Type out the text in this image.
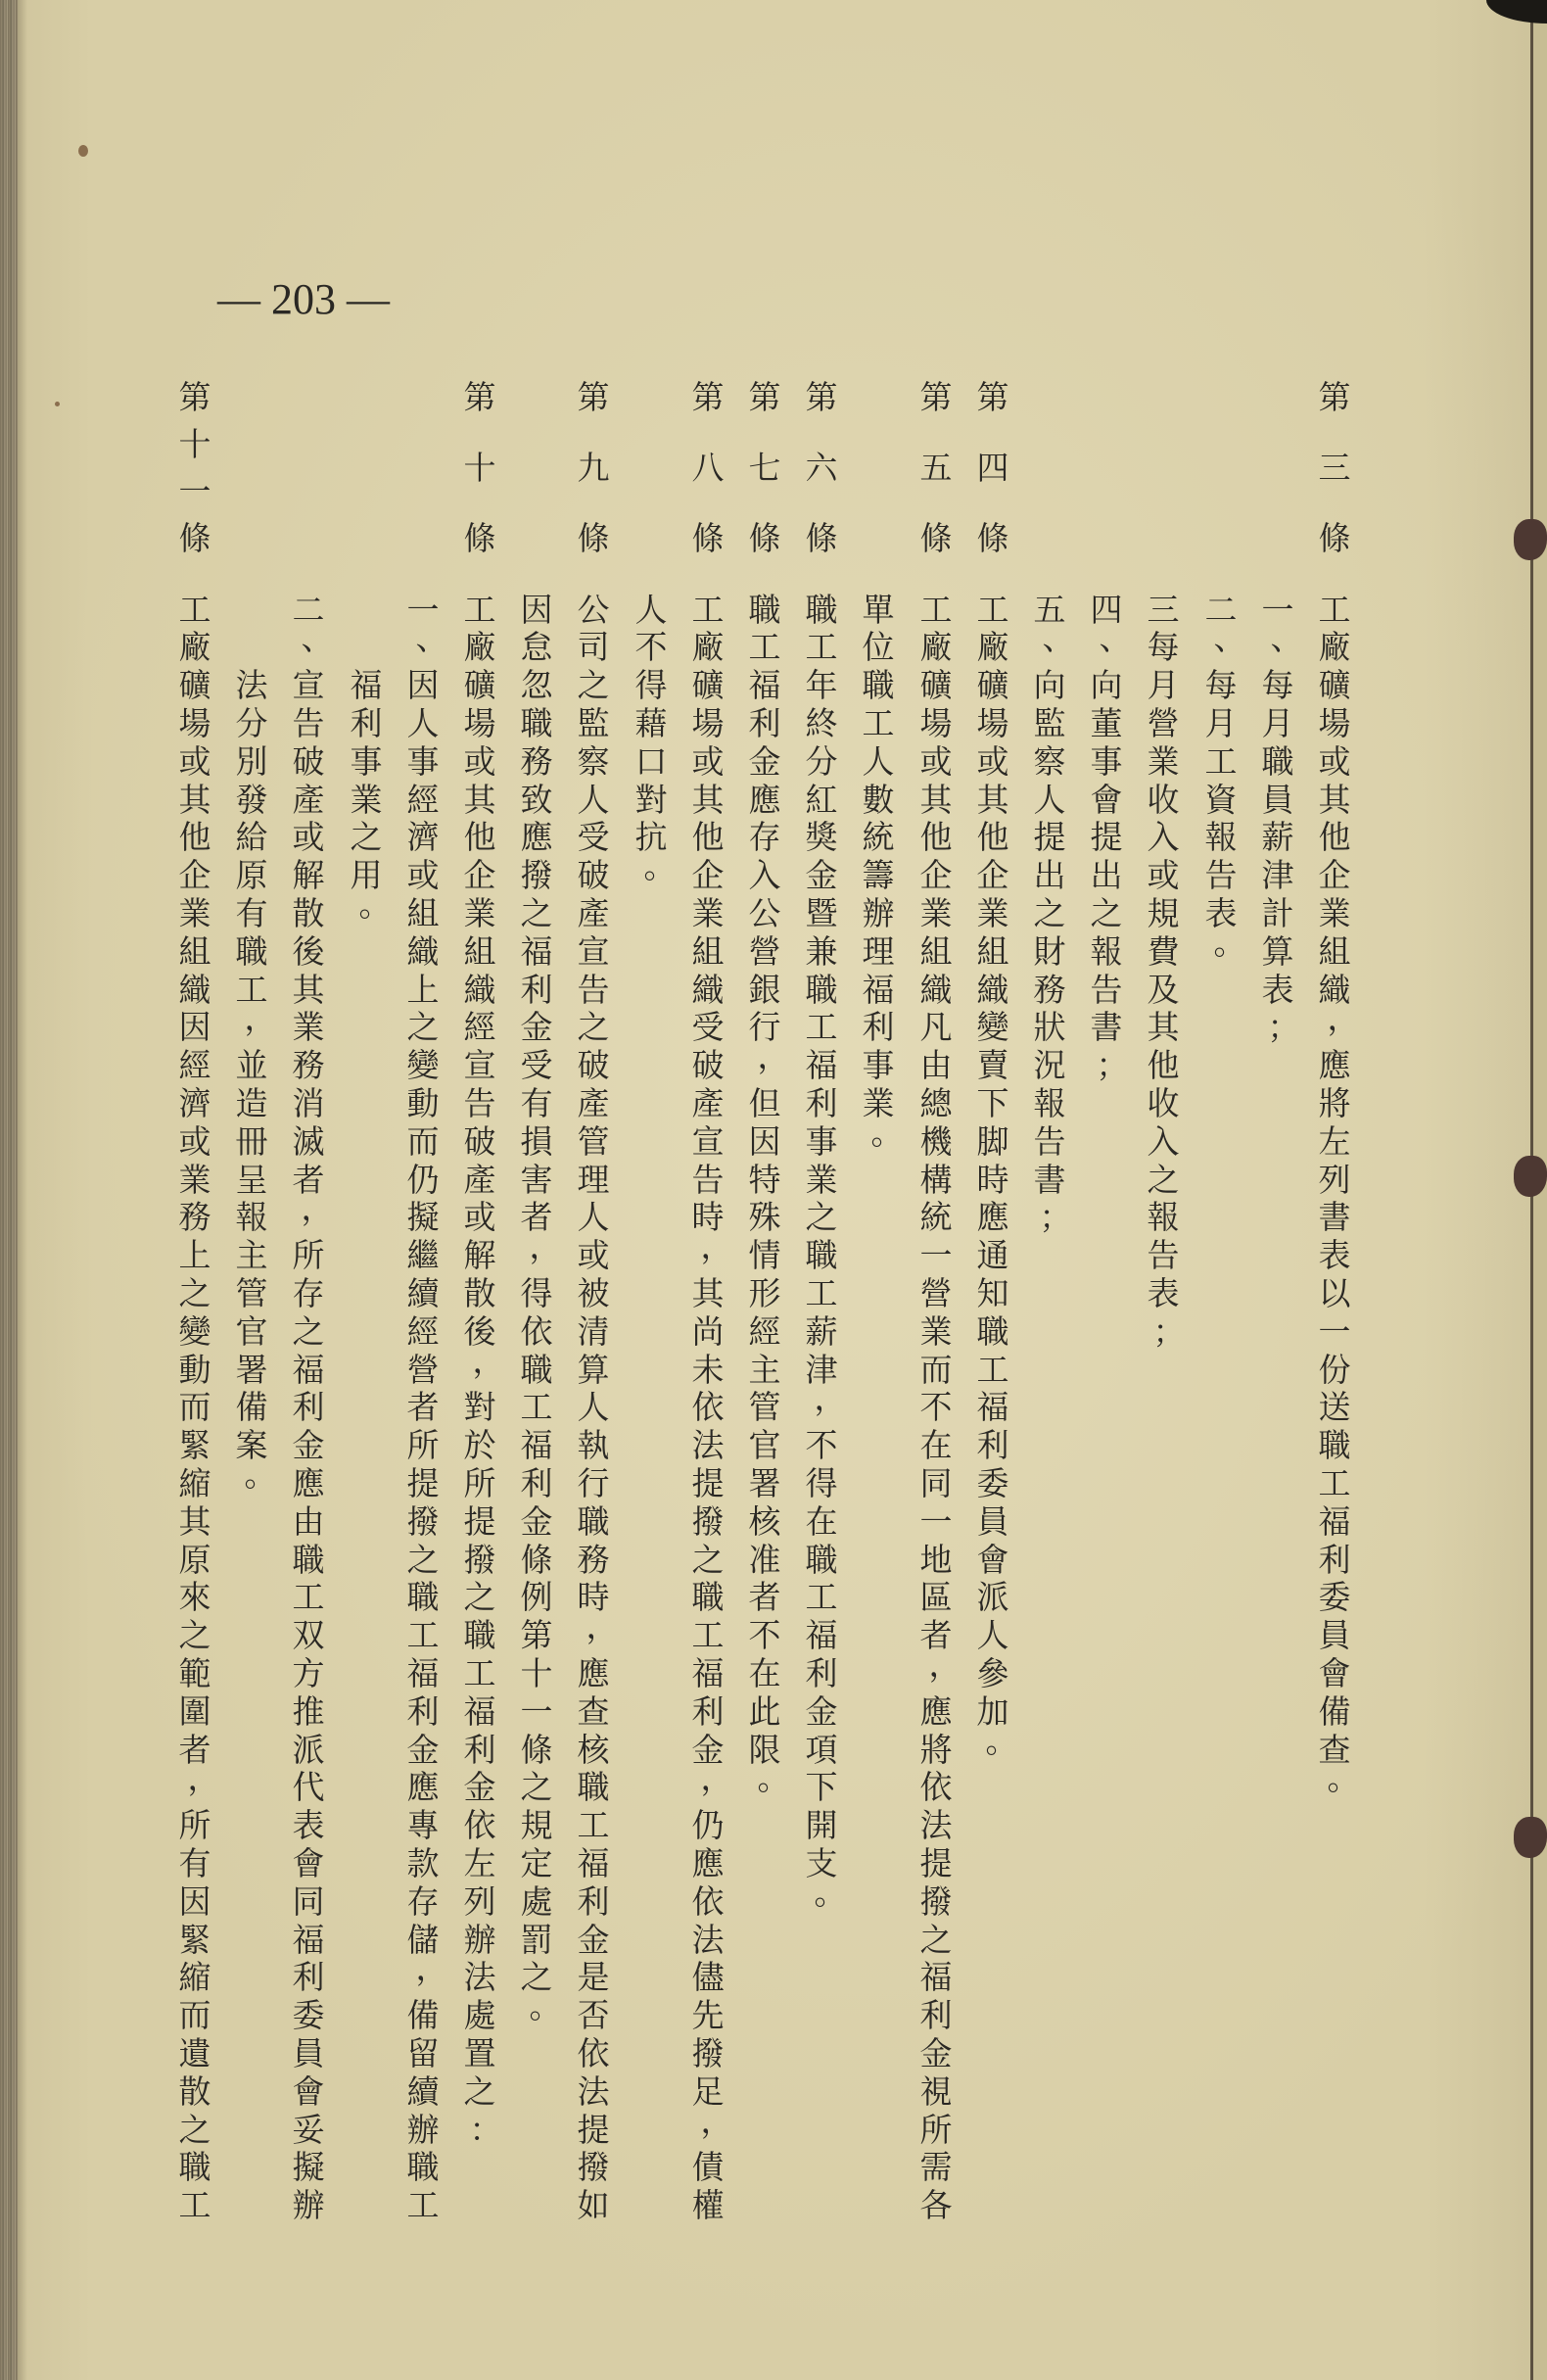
— 203 —
第
三
條
工
廠
礦
場
或
其
他
企
業
組
織
，
應
將
左
列
書
表
以
一
份
送
職
工
福
利
委
員
會
備
查
。
一
、
每
月
職
員
薪
津
計
算
表
；
二
、
每
月
工
資
報
告
表
。
三
每
月
營
業
收
入
或
規
費
及
其
他
收
入
之
報
告
表
；
四
、
向
董
事
會
提
出
之
報
告
書
；
五
、
向
監
察
人
提
出
之
財
務
狀
況
報
告
書
；
第
四
條
工
廠
礦
場
或
其
他
企
業
組
織
變
賣
下
脚
時
應
通
知
職
工
福
利
委
員
會
派
人
參
加
。
第
五
條
工
廠
礦
場
或
其
他
企
業
組
織
凡
由
總
機
構
統
一
營
業
而
不
在
同
一
地
區
者
，
應
將
依
法
提
撥
之
福
利
金
視
所
需
各
單
位
職
工
人
數
統
籌
辦
理
福
利
事
業
。
第
六
條
職
工
年
終
分
紅
獎
金
暨
兼
職
工
福
利
事
業
之
職
工
薪
津
，
不
得
在
職
工
福
利
金
項
下
開
支
。
第
七
條
職
工
福
利
金
應
存
入
公
營
銀
行
，
但
因
特
殊
情
形
經
主
管
官
署
核
准
者
不
在
此
限
。
第
八
條
工
廠
礦
場
或
其
他
企
業
組
織
受
破
產
宣
告
時
，
其
尚
未
依
法
提
撥
之
職
工
福
利
金
，
仍
應
依
法
儘
先
撥
足
，
債
權
人
不
得
藉
口
對
抗
。
第
九
條
公
司
之
監
察
人
受
破
產
宣
告
之
破
產
管
理
人
或
被
清
算
人
執
行
職
務
時
，
應
查
核
職
工
福
利
金
是
否
依
法
提
撥
如
因
怠
忽
職
務
致
應
撥
之
福
利
金
受
有
損
害
者
，
得
依
職
工
福
利
金
條
例
第
十
一
條
之
規
定
處
罰
之
。
第
十
條
工
廠
礦
場
或
其
他
企
業
組
織
經
宣
告
破
產
或
解
散
後
，
對
於
所
提
撥
之
職
工
福
利
金
依
左
列
辦
法
處
置
之
：
一
、
因
人
事
經
濟
或
組
織
上
之
變
動
而
仍
擬
繼
續
經
營
者
所
提
撥
之
職
工
福
利
金
應
專
款
存
儲
，
備
留
續
辦
職
工
福
利
事
業
之
用
。
二
、
宣
告
破
產
或
解
散
後
其
業
務
消
滅
者
，
所
存
之
福
利
金
應
由
職
工
双
方
推
派
代
表
會
同
福
利
委
員
會
妥
擬
辦
法
分
別
發
給
原
有
職
工
，
並
造
冊
呈
報
主
管
官
署
備
案
。
第
十
一
條
工
廠
礦
場
或
其
他
企
業
組
織
因
經
濟
或
業
務
上
之
變
動
而
緊
縮
其
原
來
之
範
圍
者
，
所
有
因
緊
縮
而
遺
散
之
職
工
